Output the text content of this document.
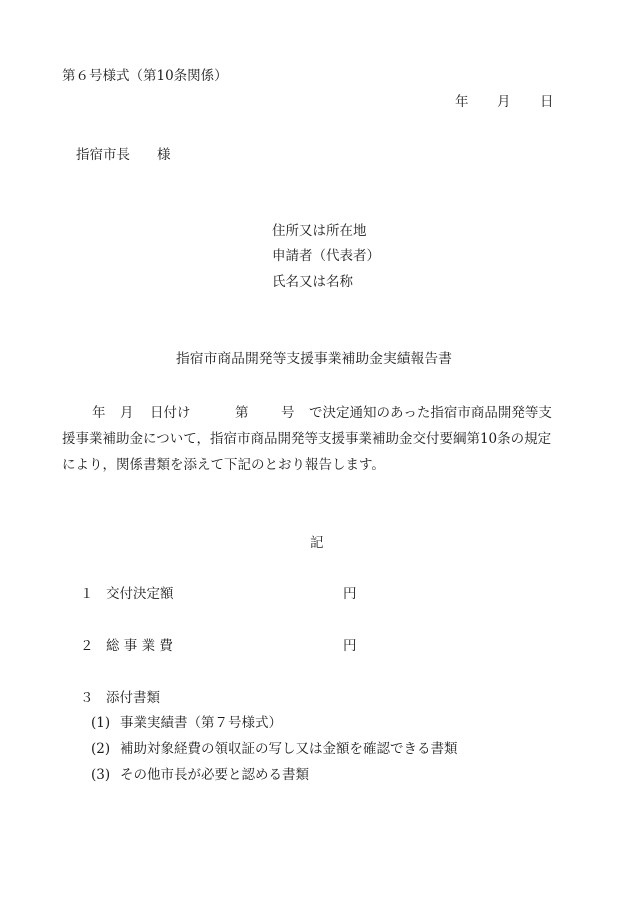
第６号様式（第10条関係）
年 月 日
指宿市長　　様
住所又は所在地
申請者（代表者）
氏名又は名称
指宿市商品開発等支援事業補助金実績報告書
年 月 日付け	第 号 で決定通知のあった指宿市商品開発等支
援事業補助金について，指宿市商品開発等支援事業補助金交付要綱第10条の規定
により，関係書類を添えて下記のとおり報告します。
記
１ 交付決定額	円
２ 総 事 業 費	円
３ 添付書類
(1) 事業実績書（第７号様式）
(2) 補助対象経費の領収証の写し又は金額を確認できる書類
(3) その他市長が必要と認める書類
